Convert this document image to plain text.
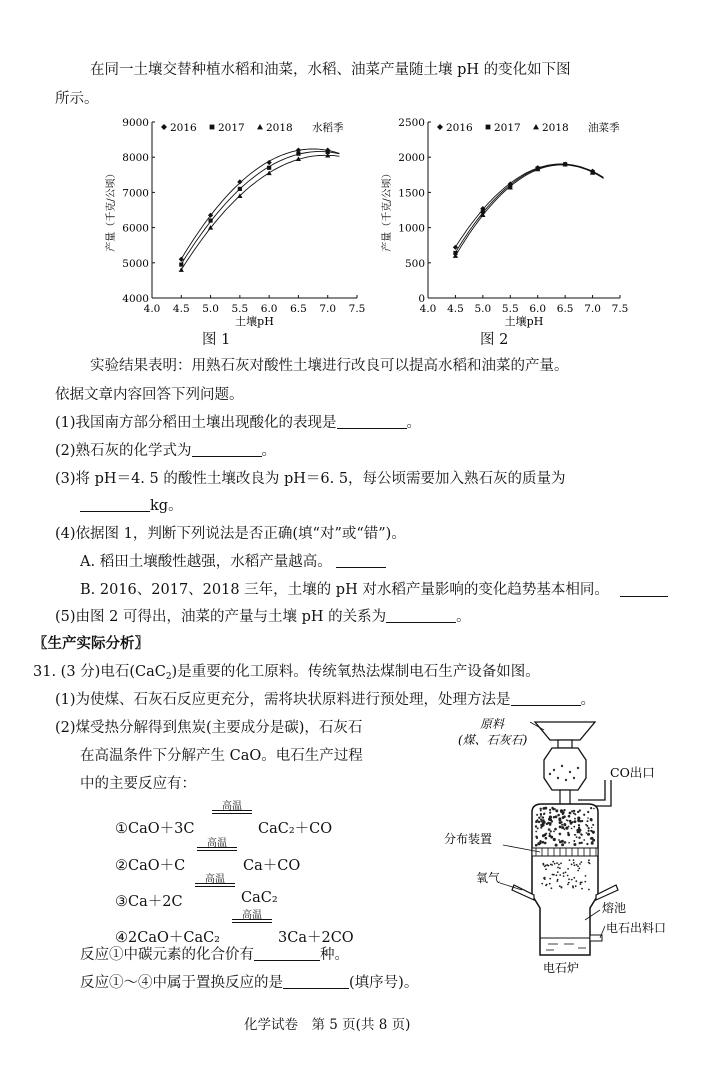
在同一土壤交替种植水稻和油菜，水稻、油菜产量随土壤 pH 的变化如下图
所示。
4.0 4.5 5.0 5.5 6.0 6.5 7.0 7.5
4000
5000
6000
7000
8000
9000
土壤pH
产量（千克/公顷）
2016 2017 2018 水稻季
图 1
4.0 4.5 5.0 5.5 6.0 6.5 7.0 7.5
0
500
1000
1500
2000
2500
土壤pH
产量（千克/公顷）
2016 2017 2018 油菜季
图 2
实验结果表明：用熟石灰对酸性土壤进行改良可以提高水稻和油菜的产量。
依据文章内容回答下列问题。
(1)我国南方部分稻田土壤出现酸化的表现是	。
(2)熟石灰的化学式为	。
(3)将 pH＝4. 5 的酸性土壤改良为 pH＝6. 5，每公顷需要加入熟石灰的质量为
kg。
(4)依据图 1，判断下列说法是否正确(填“对”或“错”)。
A. 稻田土壤酸性越强，水稻产量越高。
B. 2016、2017、2018 三年，土壤的 pH 对水稻产量影响的变化趋势基本相同。
(5)由图 2 可得出，油菜的产量与土壤 pH 的关系为	。
〖生产实际分析〗
31. (3 分)电石(CaC$_2$)是重要的化工原料。传统氧热法煤制电石生产设备如图。
(1)为使煤、石灰石反应更充分，需将块状原料进行预处理，处理方法是	。
(2)煤受热分解得到焦炭(主要成分是碳)，石灰石
在高温条件下分解产生 CaO。电石生产过程
中的主要反应有：
①CaO＋3C
高温
CaC₂＋CO
②CaO＋C
高温
Ca＋CO
③Ca＋2C
高温
CaC₂
④2CaO＋CaC₂
高温
3Ca＋2CO
反应①中碳元素的化合价有	种。
反应①～④中属于置换反应的是	(填序号)。
原料
(煤、石灰石)
CO出口
分布装置
氧气
熔池
电石出料口
电石炉
化学试卷　第 5 页(共 8 页)
